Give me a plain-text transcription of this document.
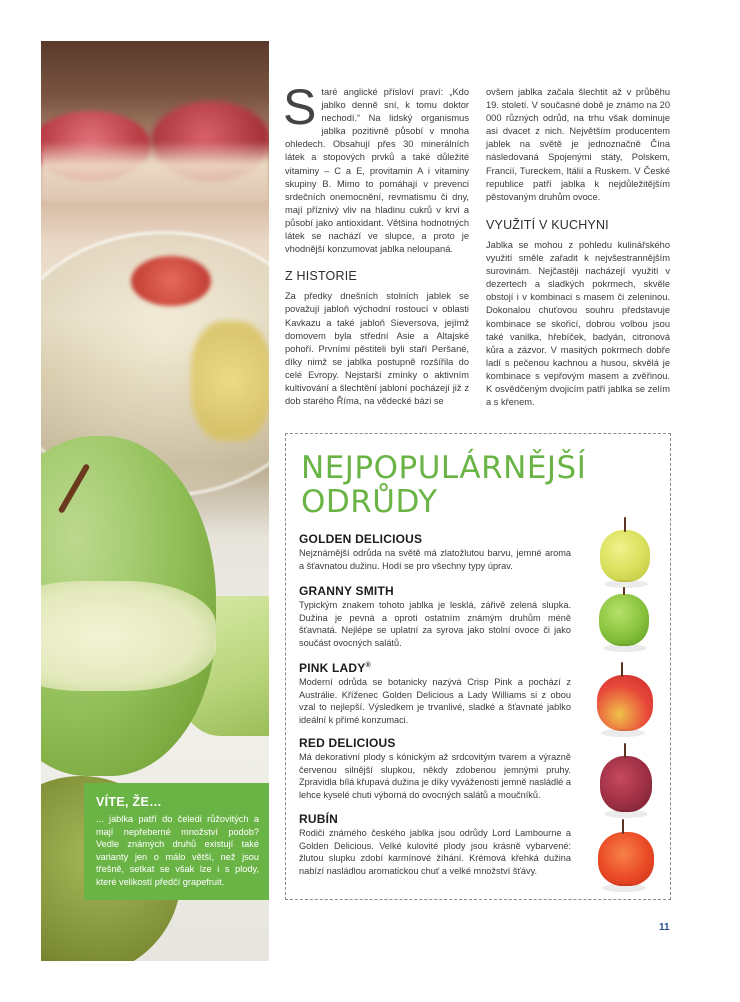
VÍTE, ŽE…

... jablka patří do čeledi růžovitých a mají nepřeberné množství podob? Vedle známých druhů existují také varianty jen o málo větší, než jsou třešně, setkat se však lze i s plody, které velikostí předčí grapefruit.

Staré anglické přísloví praví: „Kdo jablko denně sní, k tomu doktor nechodí.“ Na lidský organismus jablka pozitivně působí v mnoha ohledech. Obsahují přes 30 minerálních látek a stopových prvků a také důležité vitaminy – C a E, provitamin A i vitaminy skupiny B. Mimo to pomáhají v prevenci srdečních onemocnění, revmatismu či dny, mají příznivý vliv na hladinu cukrů v krvi a působí jako antioxidant. Většina hodnotných látek se nachází ve slupce, a proto je vhodnější konzumovat jablka neloupaná.

Z HISTORIE

Za předky dnešních stolních jablek se považují jabloň východní rostoucí v oblasti Kavkazu a také jabloň Sieversova, jejímž domovem byla střední Asie a Altajské pohoří. Prvními pěstiteli byli staří Peršané, díky nimž se jablka postupně rozšířila do celé Evropy. Nejstarší zmínky o aktivním kultivování a šlechtění jabloní pocházejí již z dob starého Říma, na vědecké bázi se

ovšem jablka začala šlechtit až v průběhu 19. století. V současné době je známo na 20 000 různých odrůd, na trhu však dominuje asi dvacet z nich. Největším producentem jablek na světě je jednoznačně Čína následovaná Spojenými státy, Polskem, Francií, Tureckem, Itálií a Ruskem. V České republice patří jablka k nejdůležitějším pěstovaným druhům ovoce.

VYUŽITÍ V KUCHYNI

Jablka se mohou z pohledu kulinářského využití směle zařadit k nejvšestrannějším surovinám. Nejčastěji nacházejí využití v dezertech a sladkých pokrmech, skvěle obstojí i v kombinaci s masem či zeleninou. Dokonalou chuťovou souhru představuje kombinace se skořicí, dobrou volbou jsou také vanilka, hřebíček, badyán, citronová kůra a zázvor. V masitých pokrmech dobře ladí s pečenou kachnou a husou, skvělá je kombinace s vepřovým masem a zvěřinou. K osvědčeným dvojicím patří jablka se zelím a s křenem.

NEJPOPULÁRNĚJŠÍ
ODRŮDY
GOLDEN DELICIOUS

Nejznámější odrůda na světě má zlatožlutou barvu, jemné aroma a šťavnatou dužinu. Hodí se pro všechny typy úprav.

GRANNY SMITH

Typickým znakem tohoto jablka je lesklá, zářivě zelená slupka. Dužina je pevná a oproti ostatním známým druhům méně šťavnatá. Nejlépe se uplatní za syrova jako stolní ovoce či jako součást ovocných salátů.

PINK LADY®

Moderní odrůda se botanicky nazývá Crisp Pink a pochází z Austrálie. Kříženec Golden Delicious a Lady Williams si z obou vzal to nejlepší. Výsledkem je trvanlivé, sladké a šťavnaté jablko ideální k přímé konzumaci.

RED DELICIOUS

Má dekorativní plody s kónickým až srdcovitým tvarem a výrazně červenou silnější slupkou, někdy zdobenou jemnými pruhy. Zpravidla bílá křupavá dužina je díky vyváženosti jemně nasládlé a lehce kyselé chuti výborná do ovocných salátů a moučníků.

RUBÍN

Rodiči známého českého jablka jsou odrůdy Lord Lambourne a Golden Delicious. Velké kulovité plody jsou krásně vybarvené: žlutou slupku zdobí karmínové žíhání. Krémová křehká dužina nabízí nasládlou aromatickou chuť a velké množství šťávy.

11
